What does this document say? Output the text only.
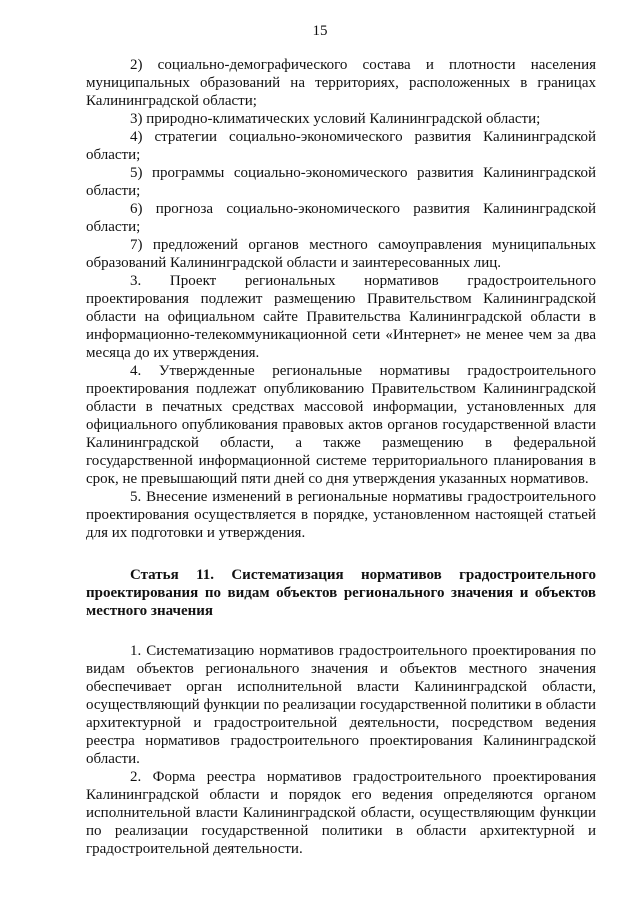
15

2) социально-демографического состава и плотности населения муниципальных образований на территориях, расположенных в границах Калининградской области;

3) природно-климатических условий Калининградской области;

4) стратегии социально-экономического развития Калининградской области;

5) программы социально-экономического развития Калининградской области;

6) прогноза социально-экономического развития Калининградской области;

7) предложений органов местного самоуправления муниципальных образований Калининградской области и заинтересованных лиц.

3. Проект региональных нормативов градостроительного проектирования подлежит размещению Правительством Калининградской области на официальном сайте Правительства Калининградской области в информационно-телекоммуникационной сети «Интернет» не менее чем за два месяца до их утверждения.

4. Утвержденные региональные нормативы градостроительного проектирования подлежат опубликованию Правительством Калининградской области в печатных средствах массовой информации, установленных для официального опубликования правовых актов органов государственной власти Калининградской области, а также размещению в федеральной государственной информационной системе территориального планирования в срок, не превышающий пяти дней со дня утверждения указанных нормативов.

5. Внесение изменений в региональные нормативы градостроительного проектирования осуществляется в порядке, установленном настоящей статьей для их подготовки и утверждения.

Статья 11. Систематизация нормативов градостроительного проектирования по видам объектов регионального значения и объектов местного значения

1. Систематизацию нормативов градостроительного проектирования по видам объектов регионального значения и объектов местного значения обеспечивает орган исполнительной власти Калининградской области, осуществляющий функции по реализации государственной политики в области архитектурной и градостроительной деятельности, посредством ведения реестра нормативов градостроительного проектирования Калининградской области.

2. Форма реестра нормативов градостроительного проектирования Калининградской области и порядок его ведения определяются органом исполнительной власти Калининградской области, осуществляющим функции по реализации государственной политики в области архитектурной и градостроительной деятельности.
